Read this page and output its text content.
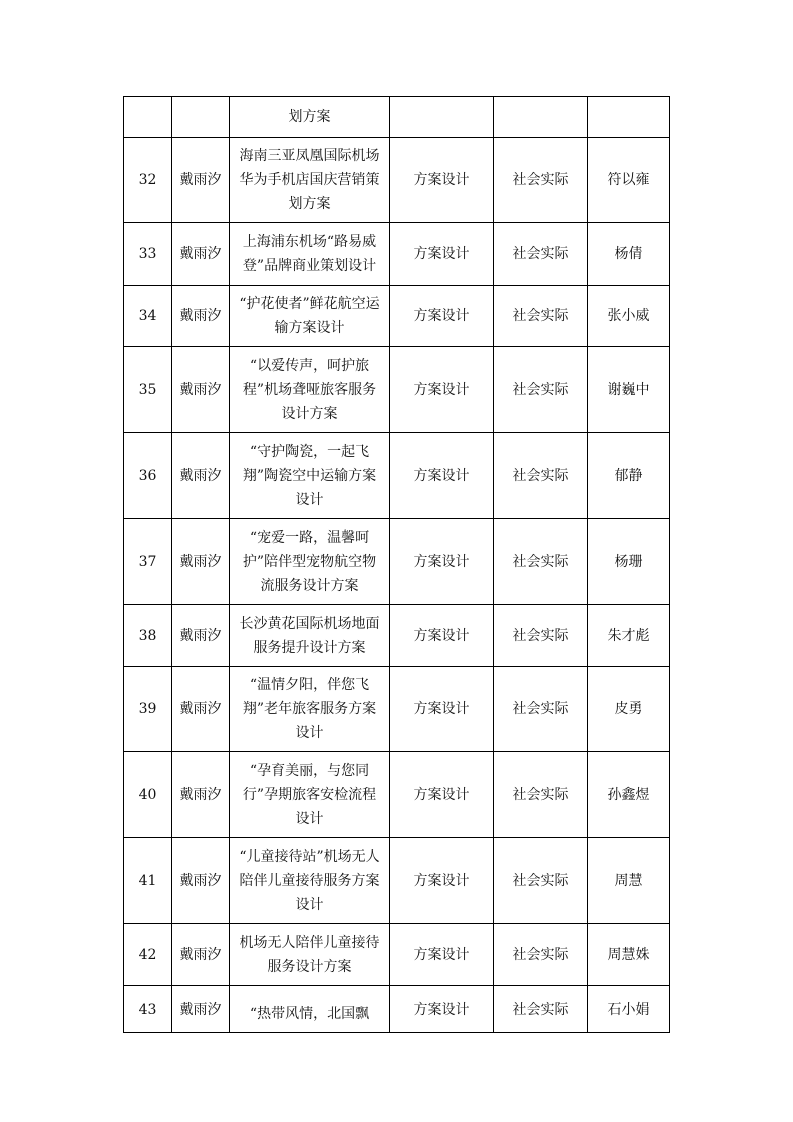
		划方案			
32	戴雨汐	海南三亚凤凰国际机场华为手机店国庆营销策划方案	方案设计	社会实际	符以雍
33	戴雨汐	上海浦东机场“路易威登”品牌商业策划设计	方案设计	社会实际	杨倩
34	戴雨汐	“护花使者”鲜花航空运输方案设计	方案设计	社会实际	张小威
35	戴雨汐	“以爱传声，呵护旅程”机场聋哑旅客服务设计方案	方案设计	社会实际	谢巍中
36	戴雨汐	“守护陶瓷，一起飞翔”陶瓷空中运输方案设计	方案设计	社会实际	郁静
37	戴雨汐	“宠爱一路，温馨呵护”陪伴型宠物航空物流服务设计方案	方案设计	社会实际	杨珊
38	戴雨汐	长沙黄花国际机场地面服务提升设计方案	方案设计	社会实际	朱才彪
39	戴雨汐	“温情夕阳，伴您飞翔”老年旅客服务方案设计	方案设计	社会实际	皮勇
40	戴雨汐	“孕育美丽，与您同行”孕期旅客安检流程设计	方案设计	社会实际	孙鑫煜
41	戴雨汐	“儿童接待站”机场无人陪伴儿童接待服务方案设计	方案设计	社会实际	周慧
42	戴雨汐	机场无人陪伴儿童接待服务设计方案	方案设计	社会实际	周慧姝
43	戴雨汐	“热带风情，北国飘	方案设计	社会实际	石小娟
